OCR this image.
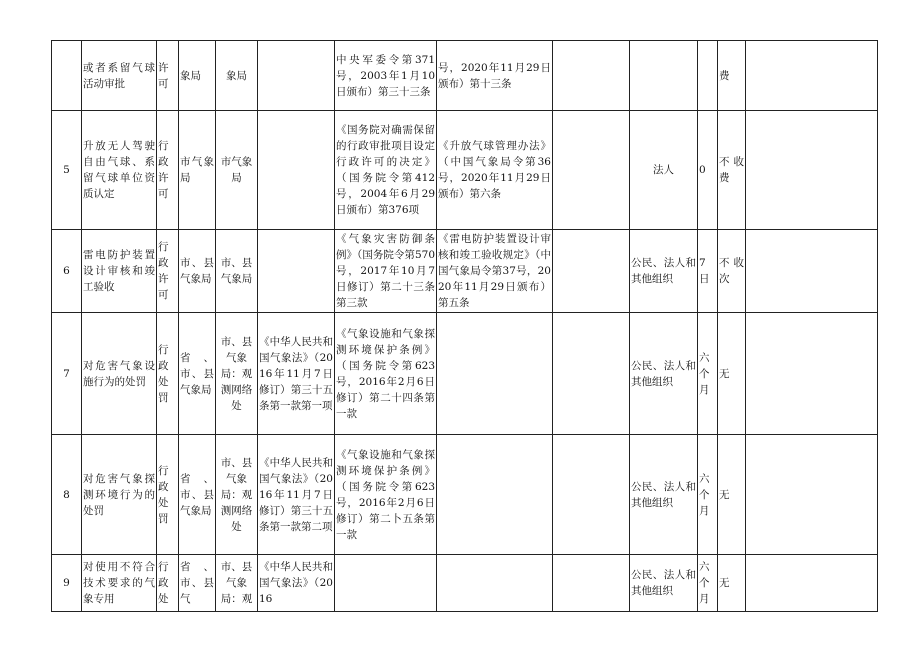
	或者系留气球活动审批	许可	象局	象局		中央军委令第371号，2003年1月10日颁布）第三十三条	号，2020年11月29日颁布）第十三条				费	
5	升放无人驾驶自由气球、系留气球单位资质认定	行政许可	市气象局	市气象局		《国务院对确需保留的行政审批项目设定行政许可的决定》（国务院令第412号，2004年6月29日颁布）第376项	《升放气球管理办法》（中国气象局令第36号，2020年11月29日颁布）第六条		法人	0	不收费	
6	雷电防护装置设计审核和竣工验收	行政许可	市、县气象局	市、县气象局		《气象灾害防御条例》（国务院令第570号，2017年10月7日修订）第二十三条第三款	《雷电防护装置设计审核和竣工验收规定》（中国气象局令第37号，2020年11月29日颁布）第五条		公民、法人和其他组织	7日	不收次	
7	对危害气象设施行为的处罚	行政处罚	省、市、县气象局	市、县气象局：观测网络处	《中华人民共和国气象法》（2016年11月7日修订）第三十五条第一款第一项	《气象设施和气象探测环境保护条例》（国务院令第623号，2016年2月6日修订）第二十四条第一款			公民、法人和其他组织	六个月	无	
8	对危害气象探测环境行为的处罚	行政处罚	省、市、县气象局	市、县气象局：观测网络处	《中华人民共和国气象法》（2016年11月7日修订）第三十五条第一款第二项	《气象设施和气象探测环境保护条例》（国务院令第623号，2016年2月6日修订）第二卜五条第一款			公民、法人和其他组织	六个月	无	
9	对使用不符合技术要求的气象专用	行政处	省、市、县气	市、县气象局：观	《中华人民共和国气象法》（2016				公民、法人和其他组织	六个月	无	
